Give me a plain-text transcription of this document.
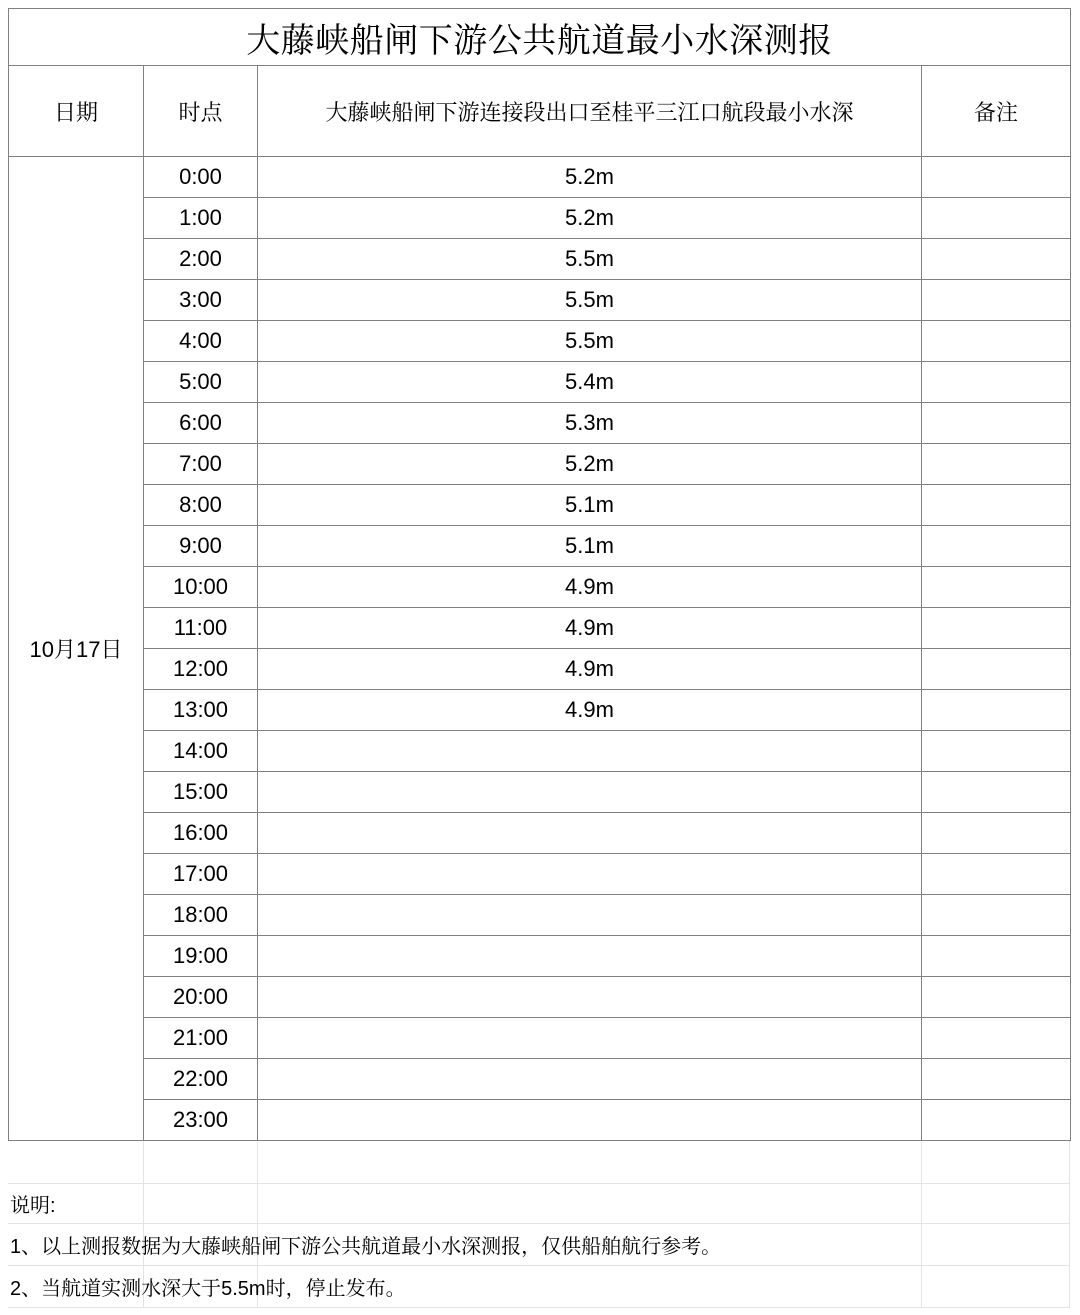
大藤峡船闸下游公共航道最小水深测报			
日期	时点	大藤峡船闸下游连接段出口至桂平三江口航段最小水深	备注
10月17日	0:00	5.2m	
	1:00	5.2m	
	2:00	5.5m	
	3:00	5.5m	
	4:00	5.5m	
	5:00	5.4m	
	6:00	5.3m	
	7:00	5.2m	
	8:00	5.1m	
	9:00	5.1m	
	10:00	4.9m	
	11:00	4.9m	
	12:00	4.9m	
	13:00	4.9m	
	14:00		
	15:00		
	16:00		
	17:00		
	18:00		
	19:00		
	20:00		
	21:00		
	22:00		
	23:00		
说明:
1、以上测报数据为大藤峡船闸下游公共航道最小水深测报，仅供船舶航行参考。
2、当航道实测水深大于5.5m时，停止发布。
